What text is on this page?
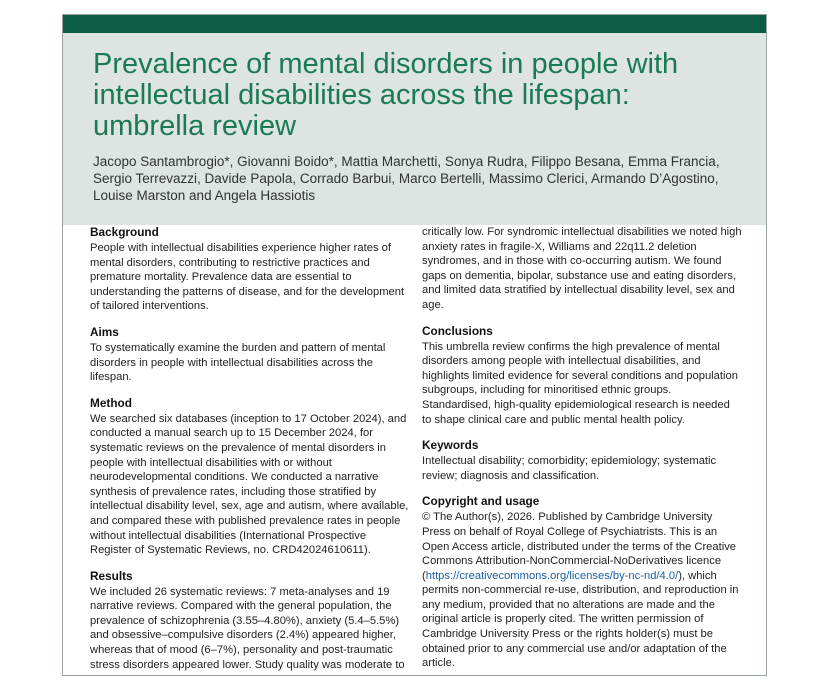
Prevalence of mental disorders in people with intellectual disabilities across the lifespan: umbrella review

Jacopo Santambrogio*, Giovanni Boido*, Mattia Marchetti, Sonya Rudra, Filippo Besana, Emma Francia, Sergio Terrevazzi, Davide Papola, Corrado Barbui, Marco Bertelli, Massimo Clerici, Armando D’Agostino, Louise Marston and Angela Hassiotis

Background

People with intellectual disabilities experience higher rates of mental disorders, contributing to restrictive practices and premature mortality. Prevalence data are essential to understanding the patterns of disease, and for the development of tailored interventions.

Aims

To systematically examine the burden and pattern of mental disorders in people with intellectual disabilities across the lifespan.

Method

We searched six databases (inception to 17 October 2024), and conducted a manual search up to 15 December 2024, for systematic reviews on the prevalence of mental disorders in people with intellectual disabilities with or without neurodevelopmental conditions. We conducted a narrative synthesis of prevalence rates, including those stratified by intellectual disability level, sex, age and autism, where available, and compared these with published prevalence rates in people without intellectual disabilities (International Prospective Register of Systematic Reviews, no. CRD42024610611).

Results

We included 26 systematic reviews: 7 meta-analyses and 19 narrative reviews. Compared with the general population, the prevalence of schizophrenia (3.55–4.80%), anxiety (5.4–5.5%) and obsessive–compulsive disorders (2.4%) appeared higher, whereas that of mood (6–7%), personality and post-traumatic stress disorders appeared lower. Study quality was moderate to

critically low. For syndromic intellectual disabilities we noted high anxiety rates in fragile-X, Williams and 22q11.2 deletion syndromes, and in those with co-occurring autism. We found gaps on dementia, bipolar, substance use and eating disorders, and limited data stratified by intellectual disability level, sex and age.

Conclusions

This umbrella review confirms the high prevalence of mental disorders among people with intellectual disabilities, and highlights limited evidence for several conditions and population subgroups, including for minoritised ethnic groups. Standardised, high-quality epidemiological research is needed to shape clinical care and public mental health policy.

Keywords

Intellectual disability; comorbidity; epidemiology; systematic review; diagnosis and classification.

Copyright and usage

© The Author(s), 2026. Published by Cambridge University Press on behalf of Royal College of Psychiatrists. This is an Open Access article, distributed under the terms of the Creative Commons Attribution-NonCommercial-NoDerivatives licence (https://creativecommons.org/licenses/by-nc-nd/4.0/), which permits non-commercial re-use, distribution, and reproduction in any medium, provided that no alterations are made and the original article is properly cited. The written permission of Cambridge University Press or the rights holder(s) must be obtained prior to any commercial use and/or adaptation of the article.
